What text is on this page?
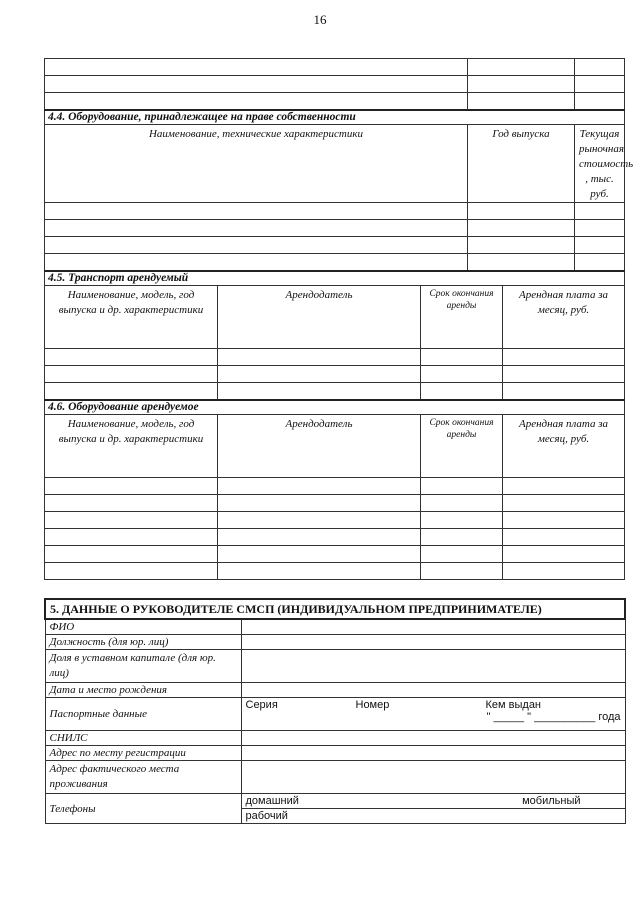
16

4.4. Оборудование, принадлежащее на праве собственности					
Наименование, технические характеристики			Год выпуска		Текущая рыночная стоимость , тыс. руб.

4.5. Транспорт арендуемый					
Наименование, модель, год выпуска и др. характеристики	Арендодатель	Срок окончания аренды		Арендная плата за месяц, руб.	

4.6. Оборудование арендуемое					
Наименование, модель, год выпуска и др. характеристики	Арендодатель	Срок окончания аренды		Арендная плата за месяц, руб.	

5. ДАННЫЕ О РУКОВОДИТЕЛЕ СМСП (ИНДИВИДУАЛЬНОМ ПРЕДПРИНИМАТЕЛЕ)	
ФИО	
Должность (для юр. лиц)	
Доля в уставном капитале (для юр. лиц)	
Дата и место рождения	
Паспортные данные	Серия Номер Кем выдан
" _____ " __________ года

СНИЛС	
Адрес по месту регистрации	
Адрес фактического места проживания	
Телефоны	домашний мобильный

	рабочий
